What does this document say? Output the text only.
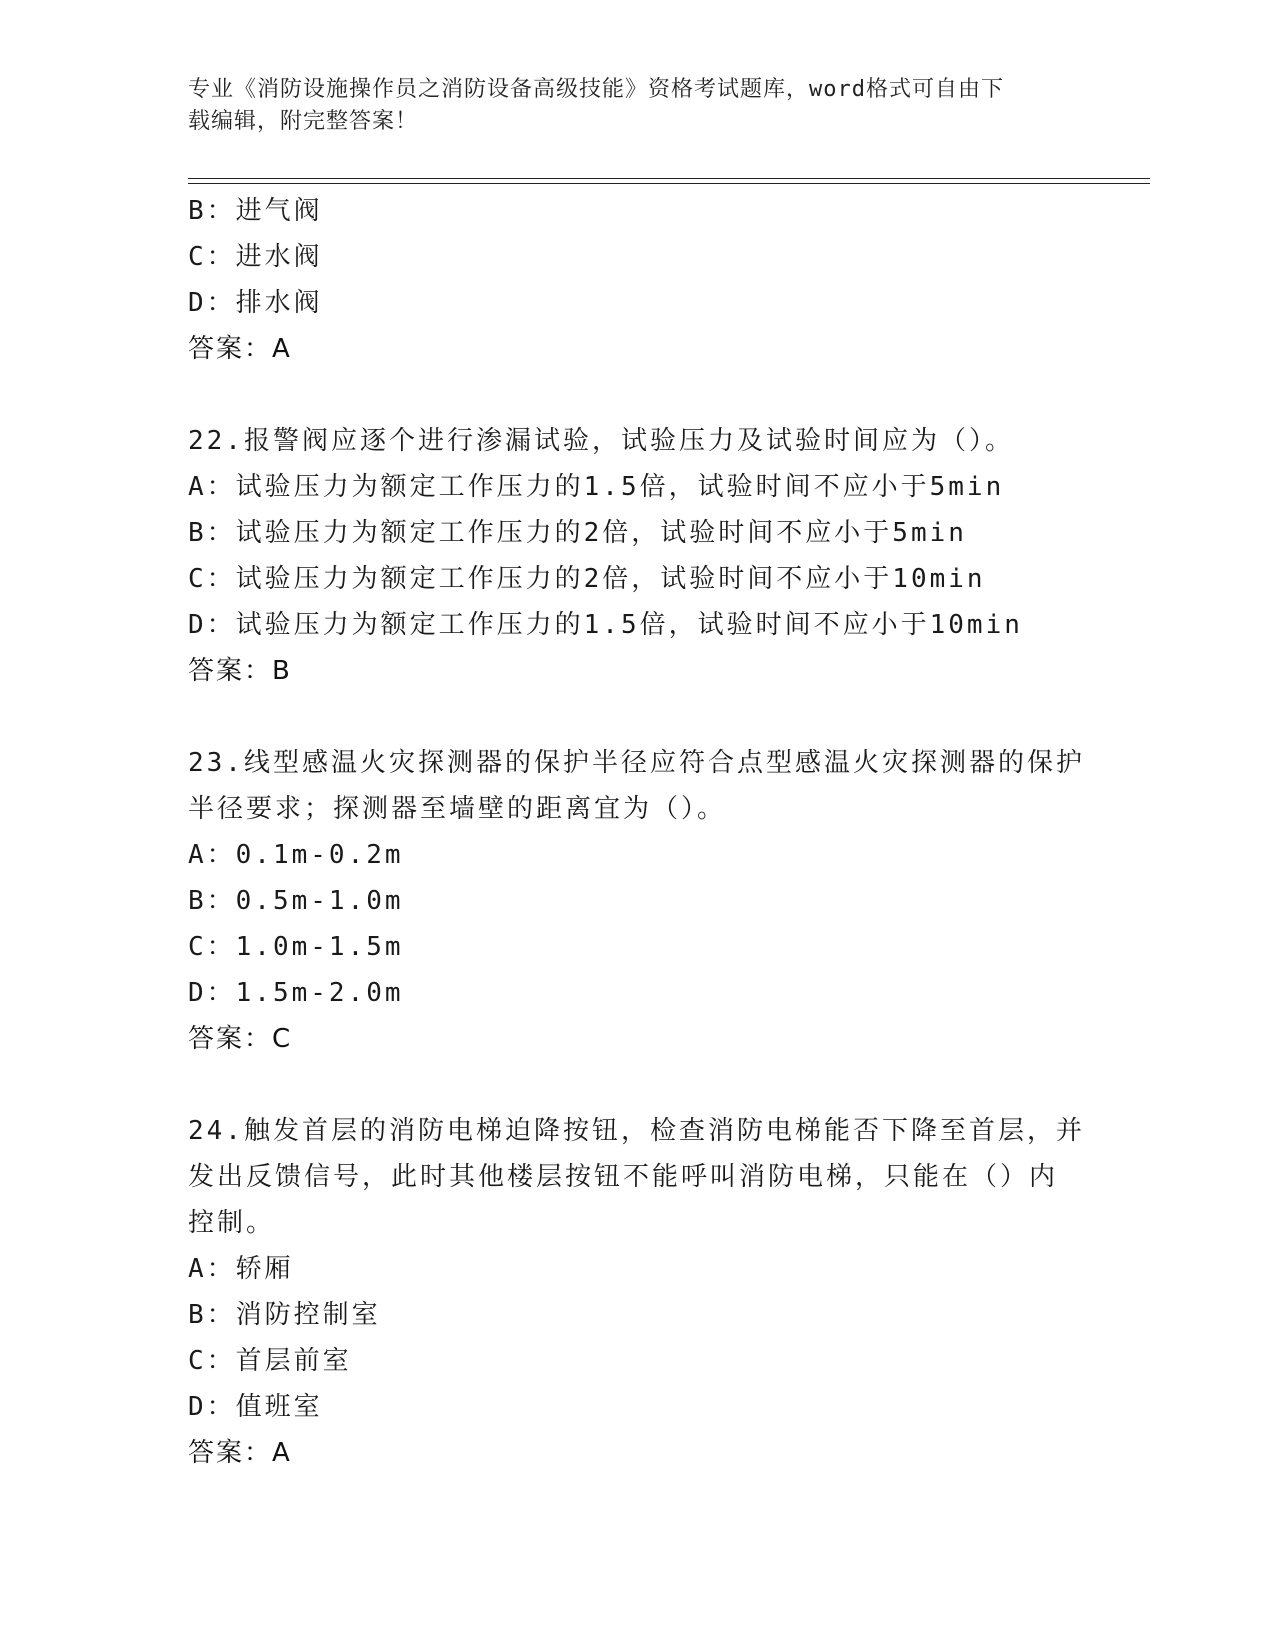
专业《消防设施操作员之消防设备高级技能》资格考试题库，word格式可自由下
载编辑，附完整答案！
B：进气阀
C：进水阀
D：排水阀
答案：A
22.报警阀应逐个进行渗漏试验，试验压力及试验时间应为（）。
A：试验压力为额定工作压力的1.5倍，试验时间不应小于5min
B：试验压力为额定工作压力的2倍，试验时间不应小于5min
C：试验压力为额定工作压力的2倍，试验时间不应小于10min
D：试验压力为额定工作压力的1.5倍，试验时间不应小于10min
答案：B
23.线型感温火灾探测器的保护半径应符合点型感温火灾探测器的保护
半径要求；探测器至墙壁的距离宜为（）。
A：0.1m-0.2m
B：0.5m-1.0m
C：1.0m-1.5m
D：1.5m-2.0m
答案：C
24.触发首层的消防电梯迫降按钮，检查消防电梯能否下降至首层，并
发出反馈信号，此时其他楼层按钮不能呼叫消防电梯，只能在（）内
控制。
A：轿厢
B：消防控制室
C：首层前室
D：值班室
答案：A
